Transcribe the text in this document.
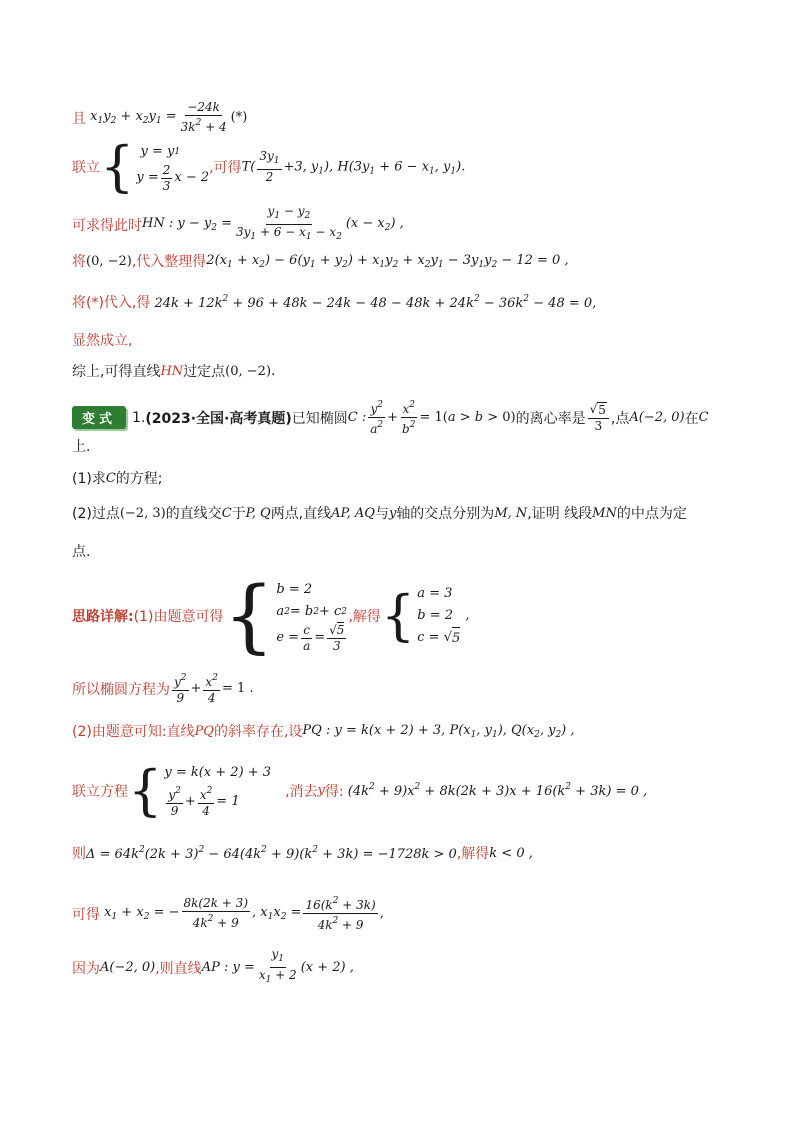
且 $x_1y_2 + x_2y_1 = \frac{-24k}{3k^2 + 4}$ (*)
联立 { y = y 1
$y = \frac{2}{3}$ x − 2
,可得 $T( \frac{3y_1}{2} +3$, $y_1$), $H(3y_1 + 6 - x_1$, $y_1$).
可求得此时 HN : $y - y_2 = \frac{y_1 - y_2}{3y_1 + 6 - x_1 - x_2} (x - x_2)$ ,
将 (0, −2) ,代入整理得 $2(x_1 + x_2) - 6(y_1 + y_2) + x_1y_2 + x_2y_1 - 3y_1y_2 - 12 = 0$ ,
将(*)代入,得 $24k + 12k^2 + 96 + 48k - 24k - 48 - 48k + 24k^2 - 36k^2 - 48 = 0$,
显然成立,
综上,可得直线 HN 过定点 (0, −2) .
变式	1. (2023·全国·高考真题) 已知椭圆 C : $\frac{y^2}{a^2} + \frac{x^2}{b^2} = 1(a > b > 0)$ 的离心率是 $\frac{√ 5}{3}$ ,点 A(−2, 0) 在 C
上.
(1)求 C 的方程;
(2)过点 (−2, 3) 的直线交 C 于 P, Q 两点,直线 AP, AQ 与 y 轴的交点分别为 M, N ,证明 线段 MN 的中点为定
点.
思路详解: (1)由题意可得 { b = 2
a 2 = b 2 + c 2
$e = \frac{c}{a} = \frac{√5}{3}$
,解得 { a = 3
b = 2   ,
c = √ 5
所以椭圆方程为 $\frac{y^2}{9} + \frac{x^2}{4} = 1$ .
(2)由题意可知:直线 PQ 的斜率存在,设 PQ : y = k(x + 2) + 3, $P(x_1$, $y_1$), $Q(x_2$, $y_2$) ,
联立方程 { y = k(x + 2) + 3
$\frac{y^2}{9} + \frac{x^2}{4} = 1$
,消去 y 得: $(4k^2 + 9)x^2 + 8k(2k + 3)x + 16(k^2 + 3k) = 0$ ,
则 $\Delta = 64k^2(2k + 3)^2 - 64(4k^2 + 9)(k^2 + 3k) = -1728k > 0$ ,解得 k < 0 ,
可得 $x_1 + x_2$ = − $\frac{8k(2k + 3)}{4k^2 + 9}$ , $x_1x_2 = \frac{16(k^2 + 3k)}{4k^2 + 9}$ ,
因为 A(−2, 0) ,则直线 AP : $y = \frac{y_1}{x_1 + 2} (x + 2)$ ,
